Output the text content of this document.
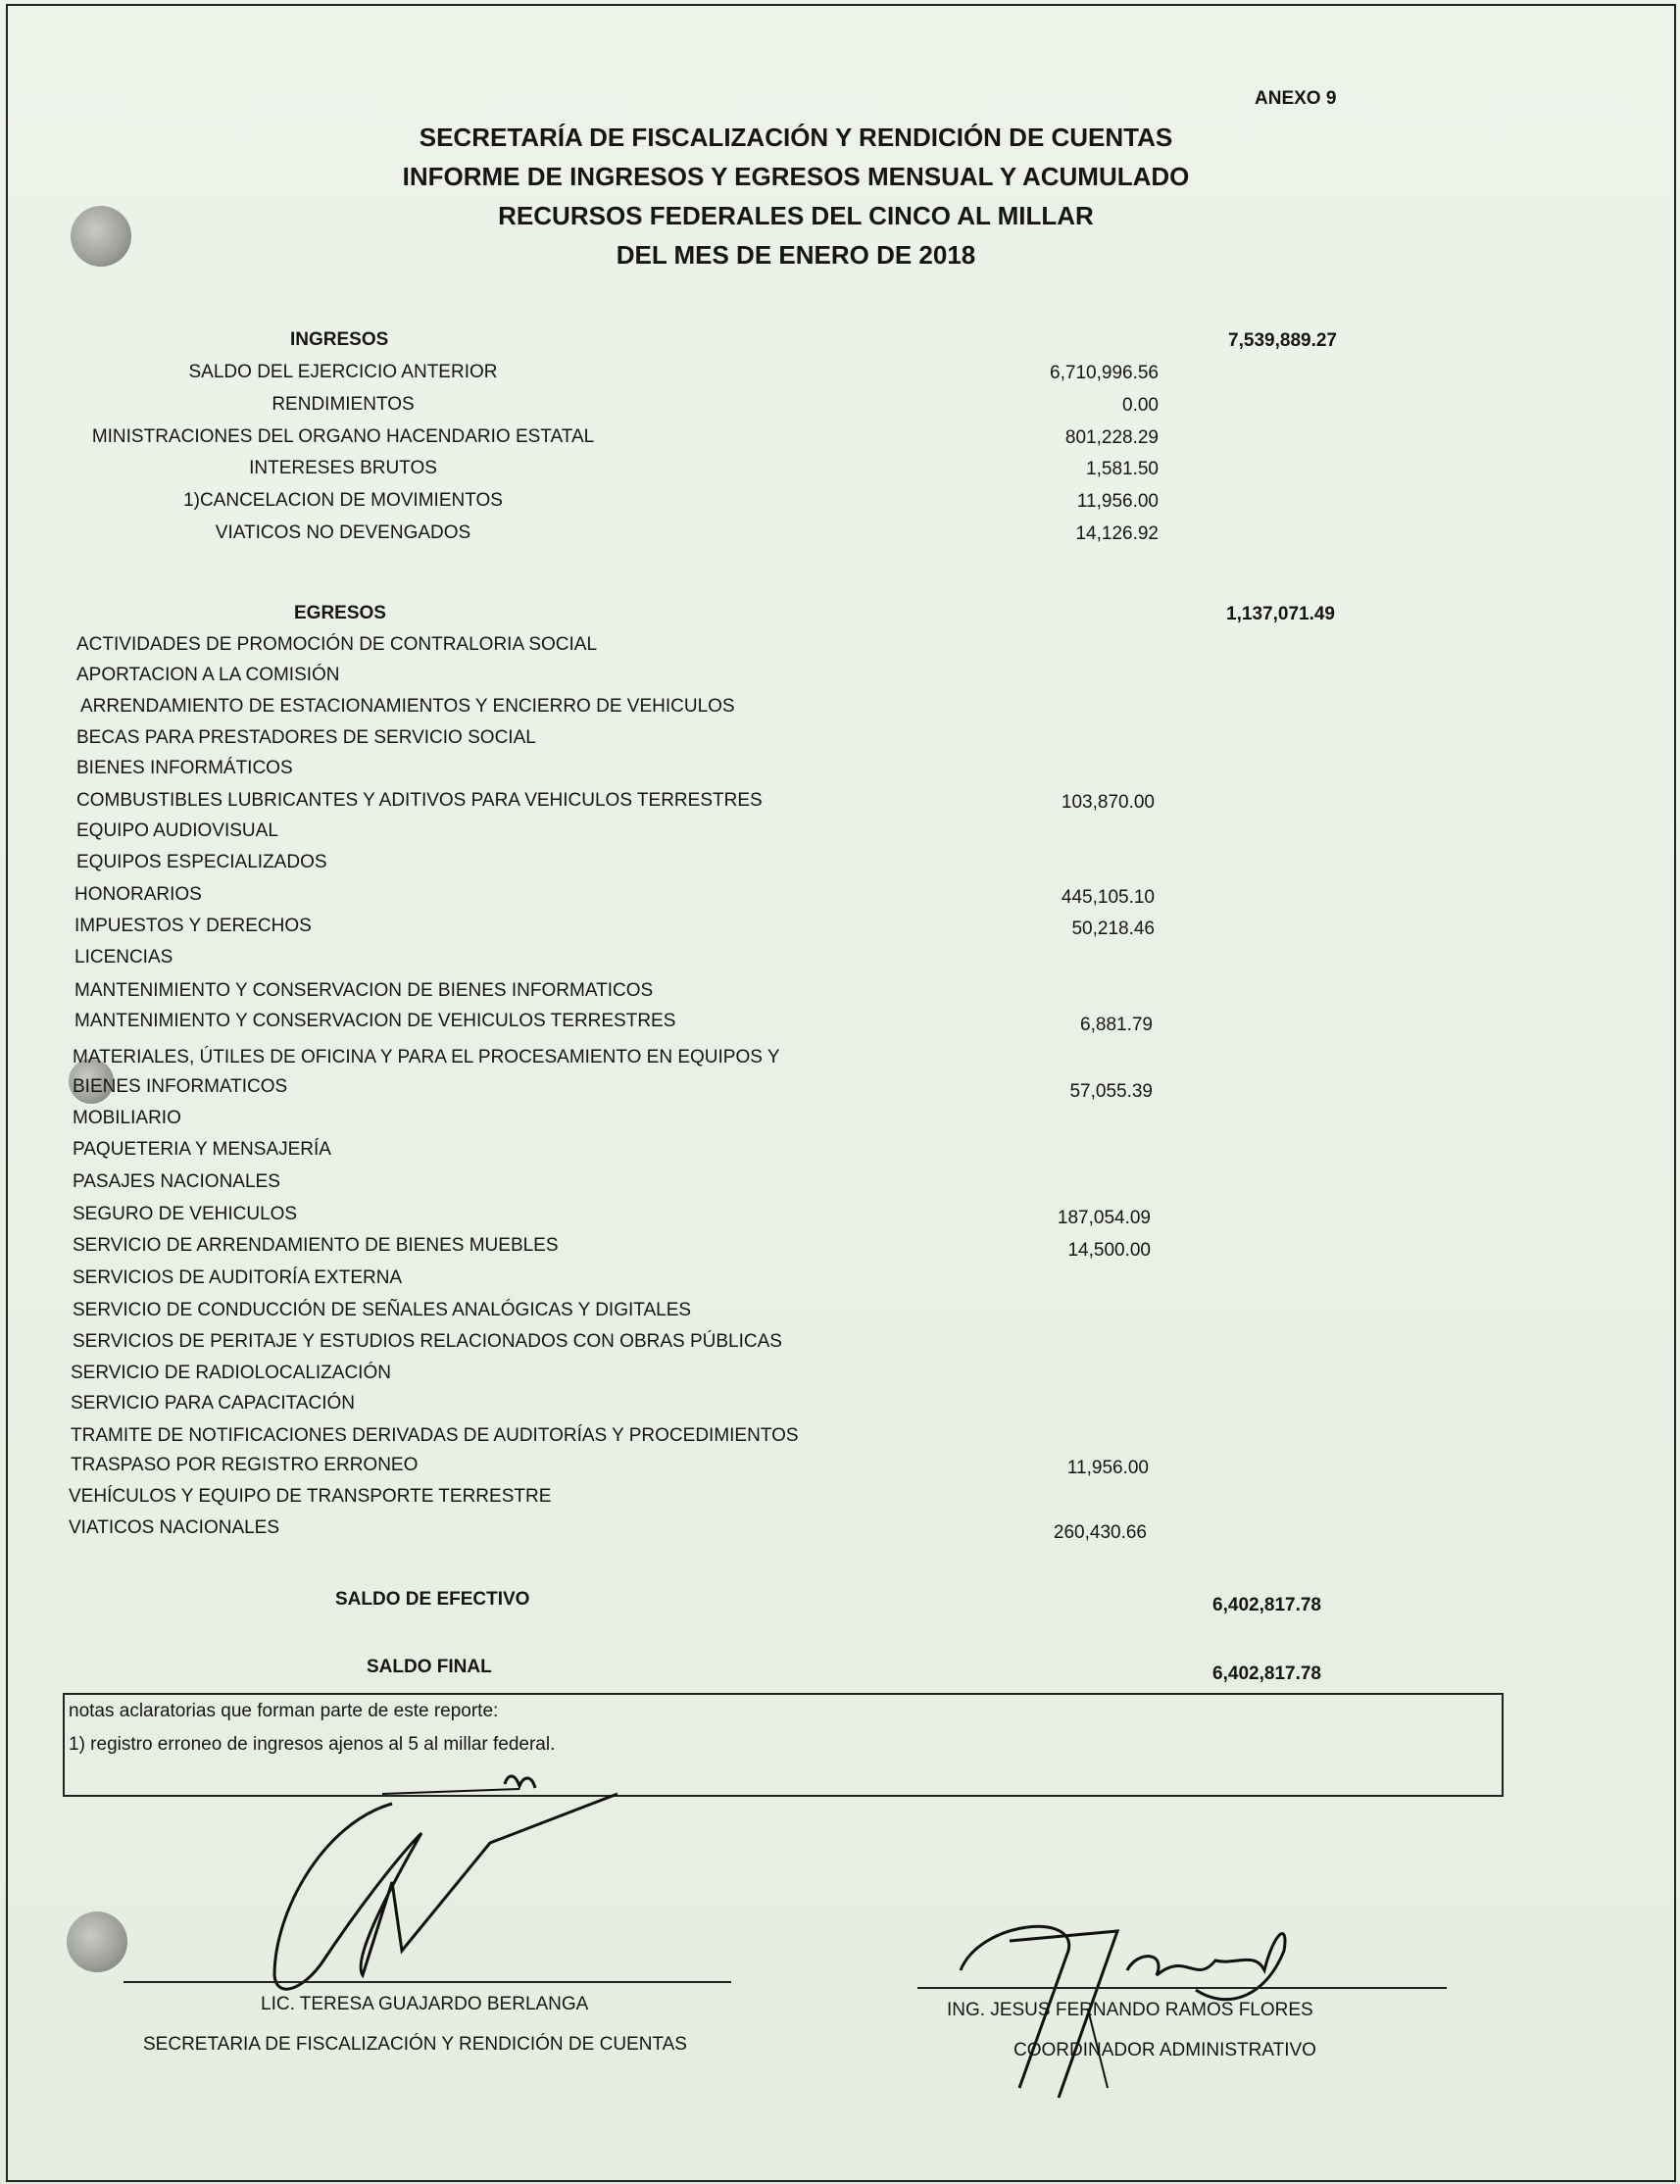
ANEXO 9
SECRETARÍA DE FISCALIZACIÓN Y RENDICIÓN DE CUENTAS
INFORME DE INGRESOS Y EGRESOS MENSUAL Y ACUMULADO
RECURSOS FEDERALES DEL CINCO AL MILLAR
DEL MES DE ENERO DE 2018
INGRESOS	7,539,889.27
SALDO DEL EJERCICIO ANTERIOR	6,710,996.56
RENDIMIENTOS	0.00
MINISTRACIONES DEL ORGANO HACENDARIO ESTATAL	801,228.29
INTERESES BRUTOS	1,581.50
1)CANCELACION DE MOVIMIENTOS	11,956.00
VIATICOS NO DEVENGADOS	14,126.92
EGRESOS	1,137,071.49
ACTIVIDADES DE PROMOCIÓN DE CONTRALORIA SOCIAL
APORTACION A LA COMISIÓN
ARRENDAMIENTO DE ESTACIONAMIENTOS Y ENCIERRO DE VEHICULOS
BECAS PARA PRESTADORES DE SERVICIO SOCIAL
BIENES INFORMÁTICOS
COMBUSTIBLES LUBRICANTES Y ADITIVOS PARA VEHICULOS TERRESTRES	103,870.00
EQUIPO AUDIOVISUAL
EQUIPOS ESPECIALIZADOS
HONORARIOS	445,105.10
IMPUESTOS Y DERECHOS	50,218.46
LICENCIAS
MANTENIMIENTO Y CONSERVACION DE BIENES INFORMATICOS
MANTENIMIENTO Y CONSERVACION DE VEHICULOS TERRESTRES	6,881.79
MATERIALES, ÚTILES DE OFICINA Y PARA EL PROCESAMIENTO EN EQUIPOS Y
BIENES INFORMATICOS	57,055.39
MOBILIARIO
PAQUETERIA Y MENSAJERÍA
PASAJES NACIONALES
SEGURO DE VEHICULOS	187,054.09
SERVICIO DE ARRENDAMIENTO DE BIENES MUEBLES	14,500.00
SERVICIOS DE AUDITORÍA EXTERNA
SERVICIO DE CONDUCCIÓN DE SEÑALES ANALÓGICAS Y DIGITALES
SERVICIOS DE PERITAJE Y ESTUDIOS RELACIONADOS CON OBRAS PÚBLICAS
SERVICIO DE RADIOLOCALIZACIÓN
SERVICIO PARA CAPACITACIÓN
TRAMITE DE NOTIFICACIONES DERIVADAS DE AUDITORÍAS Y PROCEDIMIENTOS
TRASPASO POR REGISTRO ERRONEO	11,956.00
VEHÍCULOS Y EQUIPO DE TRANSPORTE TERRESTRE
VIATICOS NACIONALES	260,430.66
SALDO DE EFECTIVO	6,402,817.78
SALDO FINAL	6,402,817.78
notas aclaratorias que forman parte de este reporte:
1) registro erroneo de ingresos ajenos al 5 al millar federal.
LIC. TERESA GUAJARDO BERLANGA
SECRETARIA DE FISCALIZACIÓN Y RENDICIÓN DE CUENTAS
ING. JESUS FERNANDO RAMOS FLORES
COORDINADOR ADMINISTRATIVO
